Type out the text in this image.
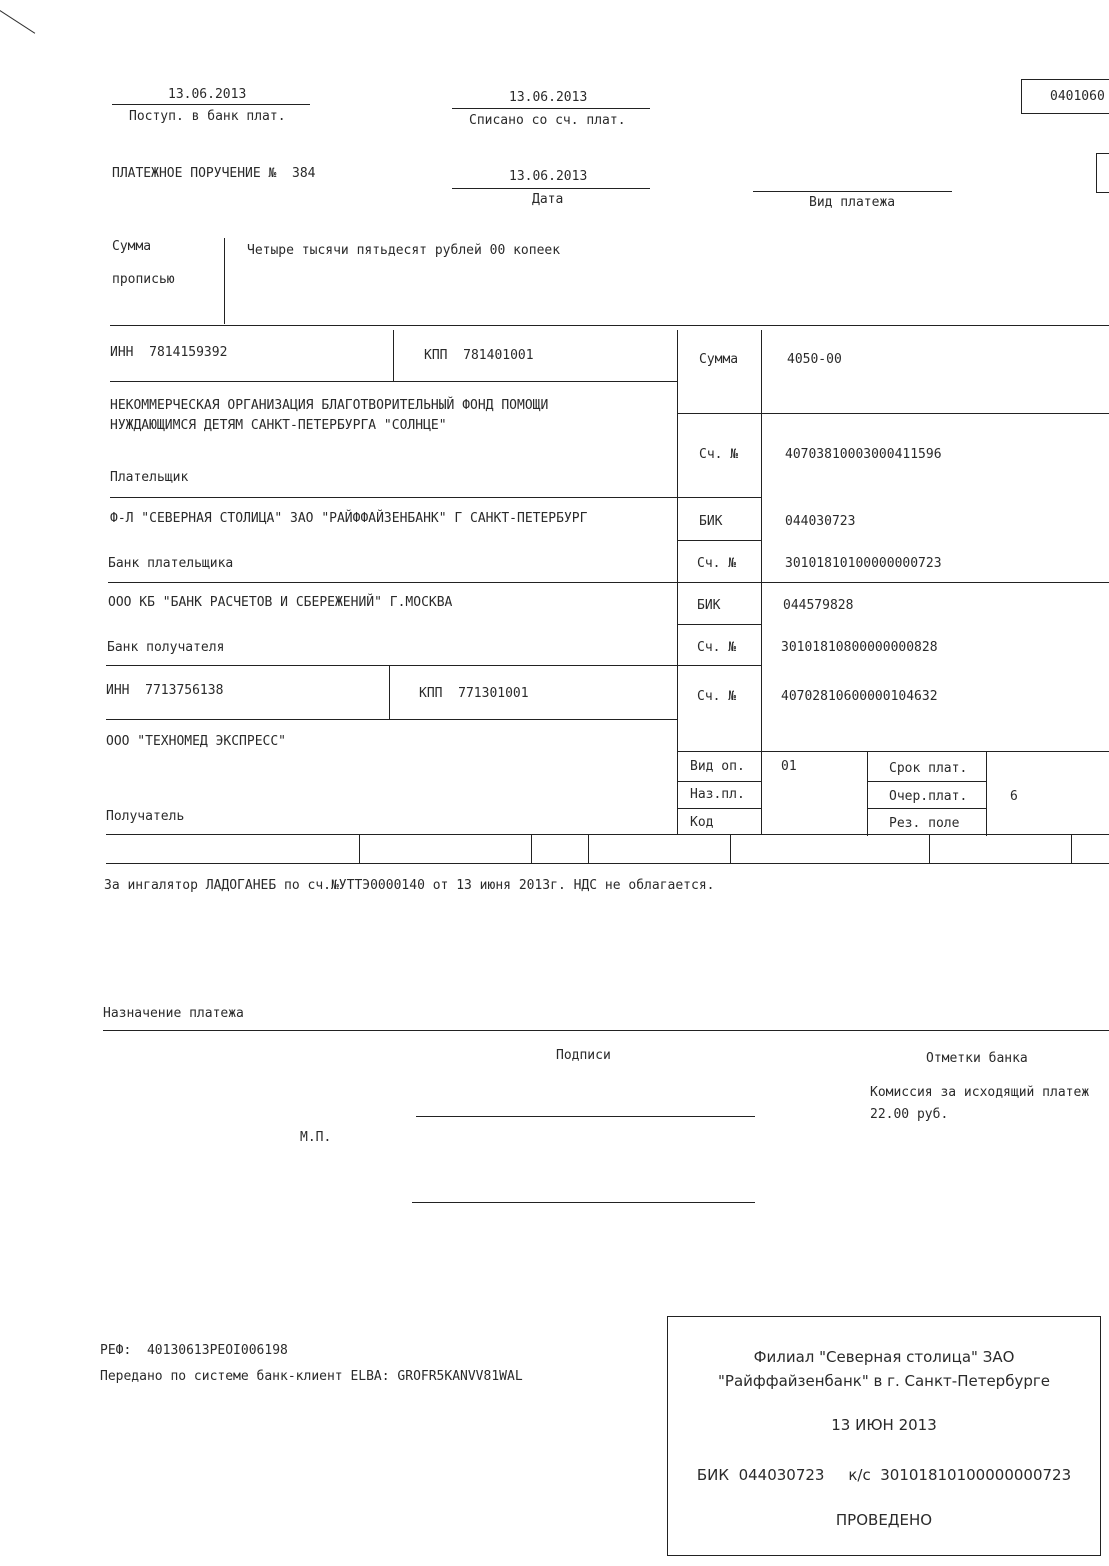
13.06.2013
Поступ. в банк плат.
13.06.2013
Списано со сч. плат.
0401060
ПЛАТЕЖНОЕ ПОРУЧЕНИЕ № 384	13.06.2013
Дата	Вид платежа
Сумма
прописью
Четыре тысячи пятьдесят рублей 00 копеек
ИНН 7814159392	КПП 781401001	Сумма	4050-00
НЕКОММЕРЧЕСКАЯ ОРГАНИЗАЦИЯ БЛАГОТВОРИТЕЛЬНЫЙ ФОНД ПОМОЩИ
НУЖДАЮЩИМСЯ ДЕТЯМ САНКТ-ПЕТЕРБУРГА "СОЛНЦЕ"
Сч. №	40703810003000411596
Плательщик
Ф-Л "СЕВЕРНАЯ СТОЛИЦА" ЗАО "РАЙФФАЙЗЕНБАНК" Г САНКТ-ПЕТЕРБУРГ	БИК	044030723
Банк плательщика	Сч. №	30101810100000000723
ООО КБ "БАНК РАСЧЕТОВ И СБЕРЕЖЕНИЙ" Г.МОСКВА	БИК	044579828
Банк получателя	Сч. №	30101810800000000828
ИНН 7713756138	КПП 771301001	Сч. №	40702810600000104632
ООО "ТЕХНОМЕД ЭКСПРЕСС"
Получатель
Вид оп.	01	Срок плат.
Наз.пл.	Очер.плат.	6
Код	Рез. поле
За ингалятор ЛАДОГАНЕБ по сч.№УТТЭ0000140 от 13 июня 2013г. НДС не облагается.
Назначение платежа
Подписи	Отметки банка
Комиссия за исходящий платеж
22.00 руб.
М.П.
РЕФ: 40130613PEOI006198
Передано по системе банк-клиент ELBA: GROFR5KANVV81WAL
Филиал "Северная столица" ЗАО
"Райффайзенбанк" в г. Санкт-Петербурге
13 ИЮН 2013
БИК 044030723 к/с 30101810100000000723
ПРОВЕДЕНО
